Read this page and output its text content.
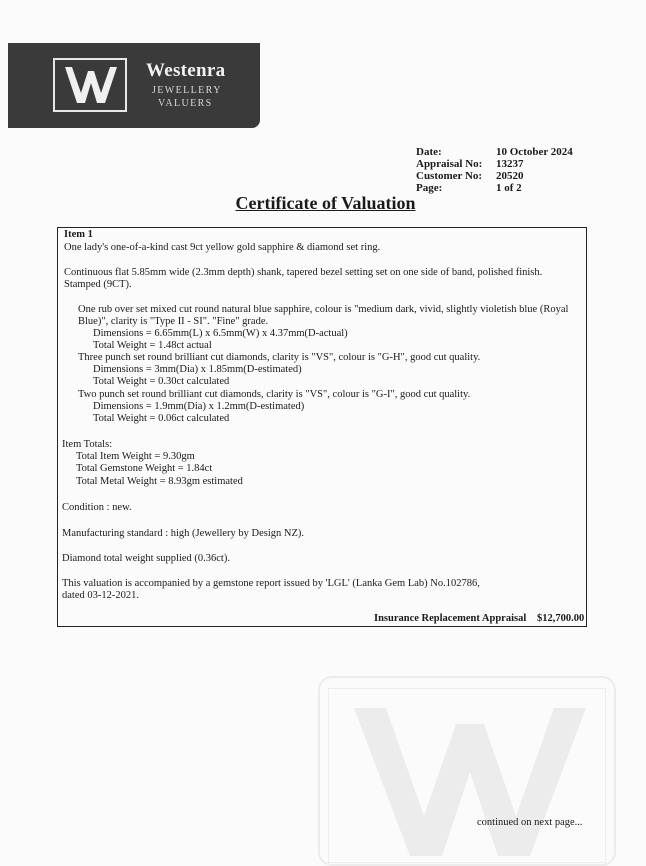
Westenra
JEWELLERY
VALUERS
Date:	10 October 2024
Appraisal No: 13237
Customer No: 20520
Page:	1 of 2
Certificate of Valuation
Item 1
One lady's one-of-a-kind cast 9ct yellow gold sapphire & diamond set ring.
Continuous flat 5.85mm wide (2.3mm depth) shank, tapered bezel setting set on one side of band, polished finish.
Stamped (9CT).
One rub over set mixed cut round natural blue sapphire, colour is "medium dark, vivid, slightly violetish blue (Royal
Blue)", clarity is "Type II - SI". "Fine" grade.
Dimensions = 6.65mm(L) x 6.5mm(W) x 4.37mm(D-actual)
Total Weight = 1.48ct actual
Three punch set round brilliant cut diamonds, clarity is "VS", colour is "G-H", good cut quality.
Dimensions = 3mm(Dia) x 1.85mm(D-estimated)
Total Weight = 0.30ct calculated
Two punch set round brilliant cut diamonds, clarity is "VS", colour is "G-I", good cut quality.
Dimensions = 1.9mm(Dia) x 1.2mm(D-estimated)
Total Weight = 0.06ct calculated
Item Totals:
Total Item Weight = 9.30gm
Total Gemstone Weight = 1.84ct
Total Metal Weight = 8.93gm estimated
Condition : new.
Manufacturing standard : high (Jewellery by Design NZ).
Diamond total weight supplied (0.36ct).
This valuation is accompanied by a gemstone report issued by 'LGL' (Lanka Gem Lab) No.102786,
dated 03-12-2021.
Insurance Replacement Appraisal $12,700.00
continued on next page...
